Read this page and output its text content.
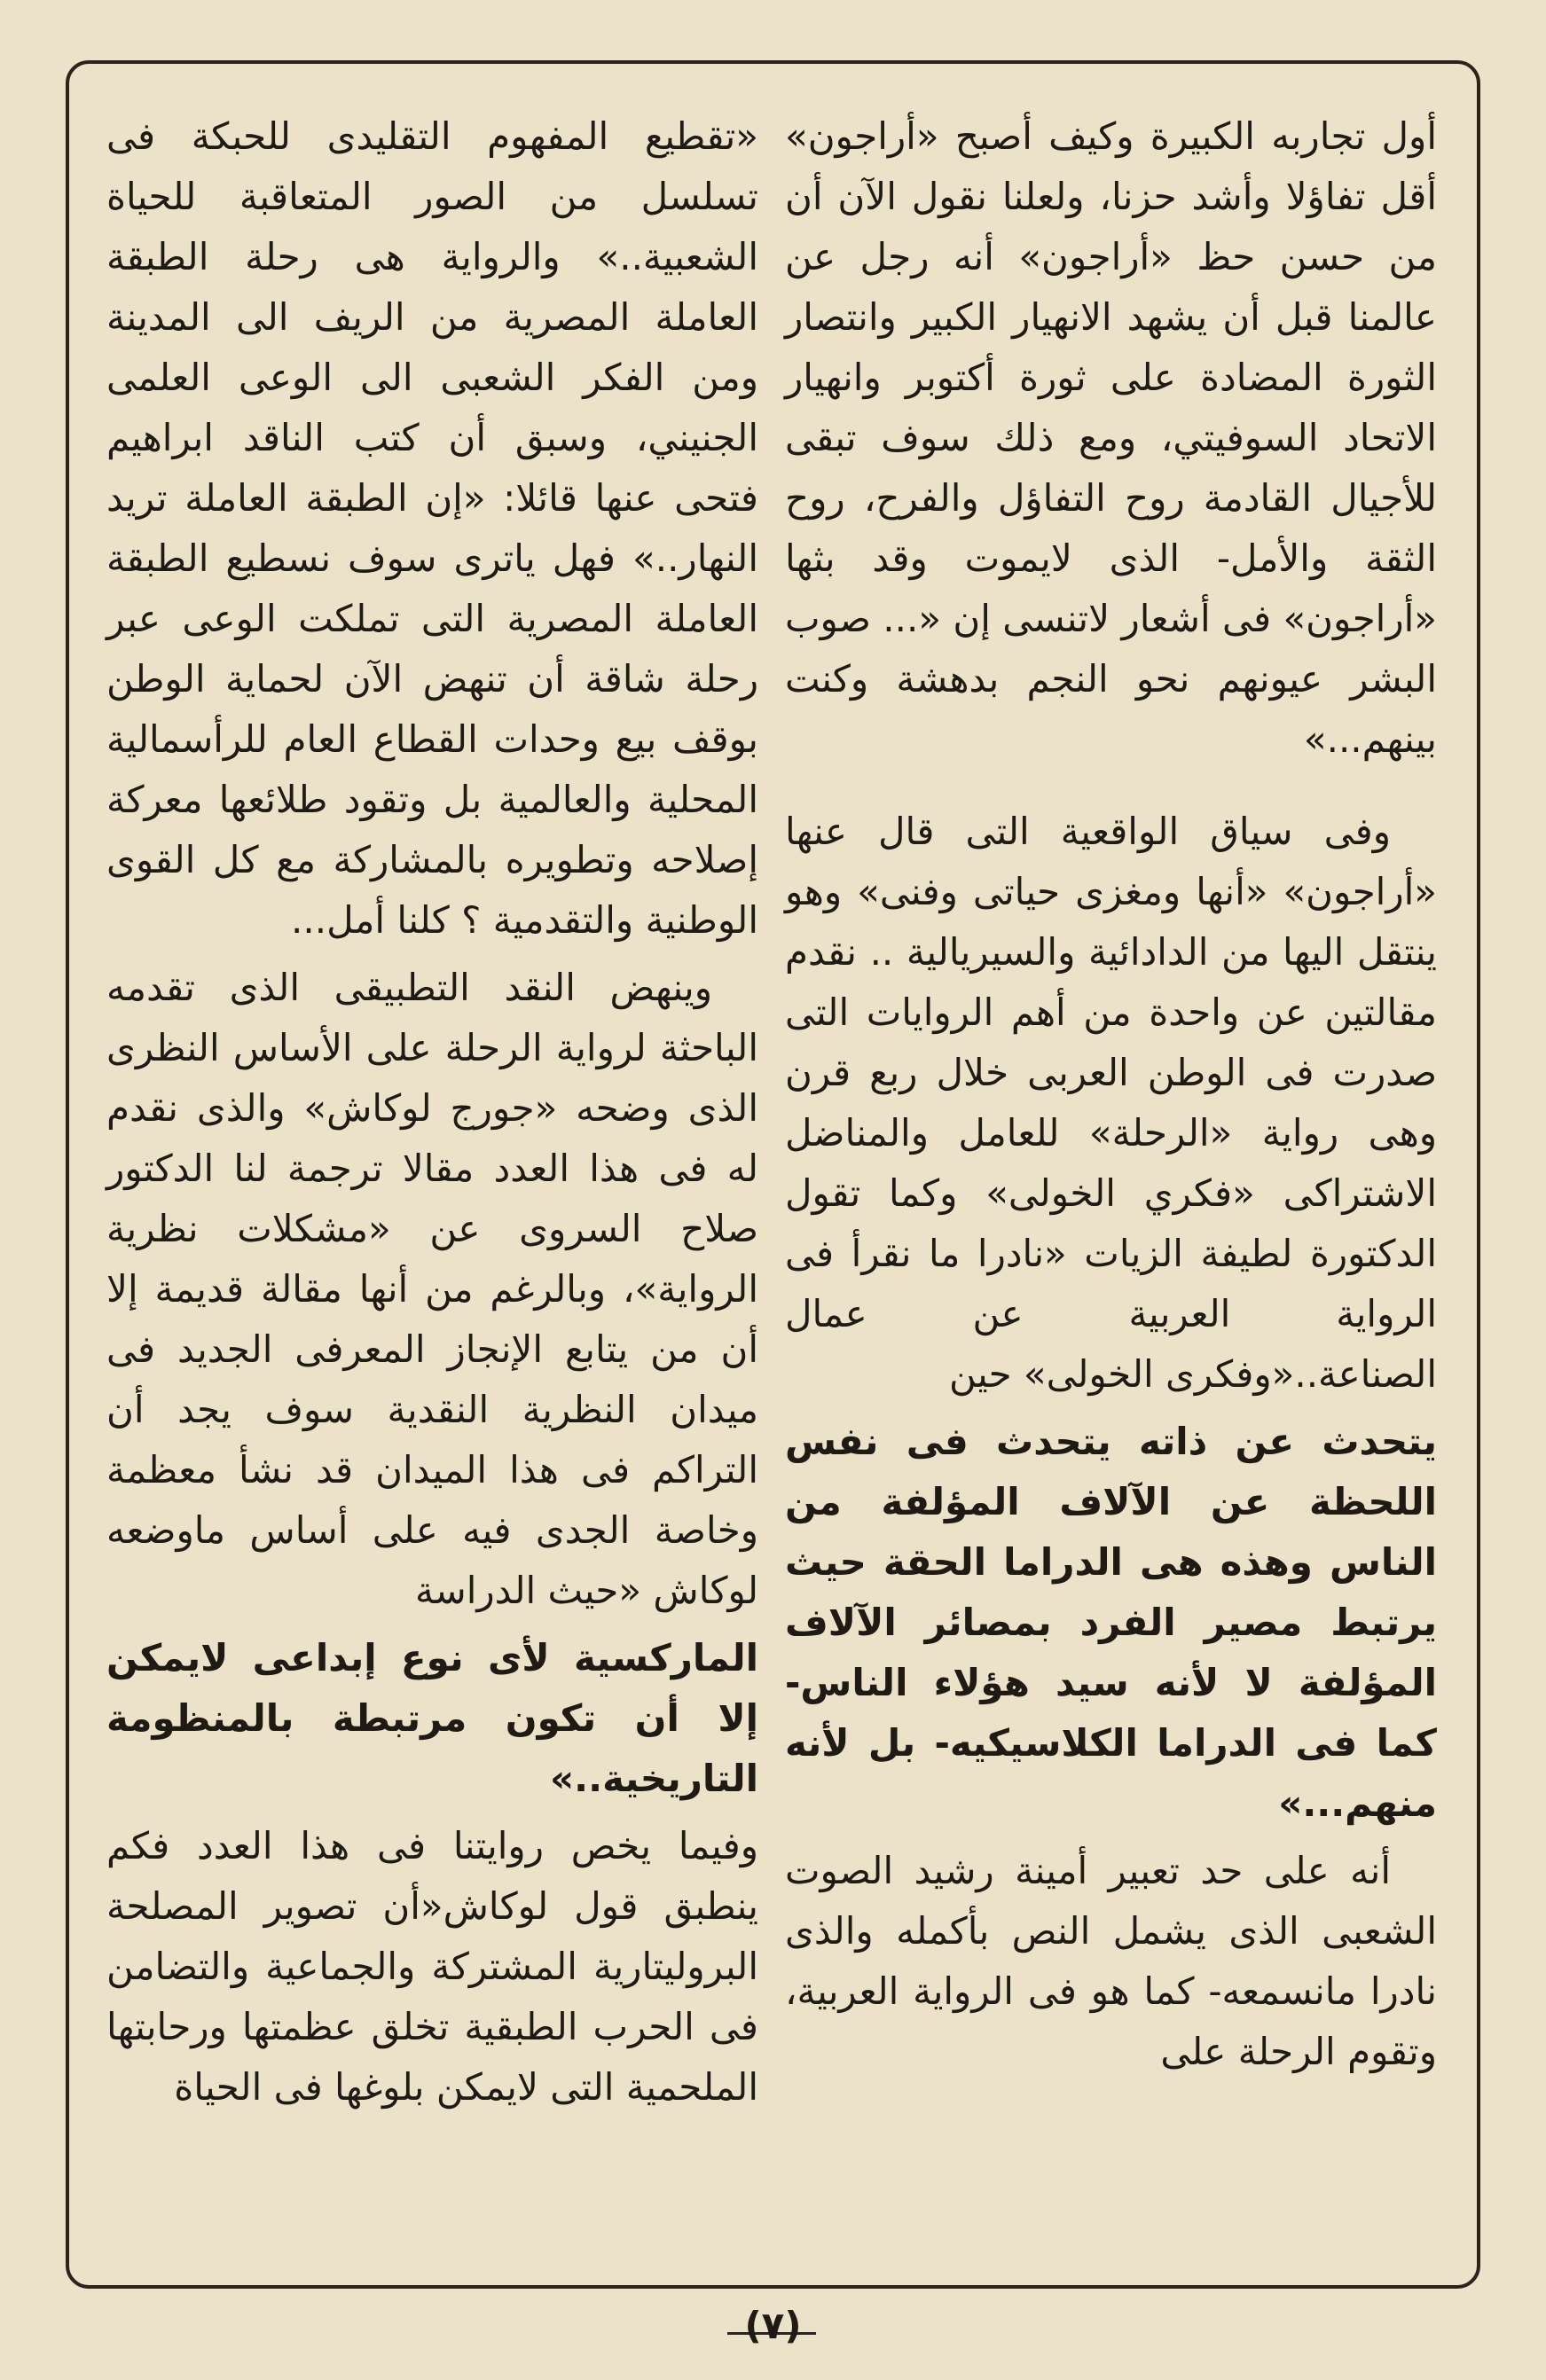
أول تجاربه الكبيرة وكيف أصبح «أراجون» أقل تفاؤلا وأشد حزنا، ولعلنا نقول الآن أن من حسن حظ «أراجون» أنه رجل عن عالمنا قبل أن يشهد الانهيار الكبير وانتصار الثورة المضادة على ثورة أكتوبر وانهيار الاتحاد السوفيتي، ومع ذلك سوف تبقى للأجيال القادمة روح التفاؤل والفرح، روح الثقة والأمل- الذى لايموت وقد بثها «أراجون» فى أشعار لاتنسى إن «... صوب البشر عيونهم نحو النجم بدهشة وكنت بينهم...»

وفى سياق الواقعية التى قال عنها «أراجون» «أنها ومغزى حياتى وفنى» وهو ينتقل اليها من الدادائية والسيريالية .. نقدم مقالتين عن واحدة من أهم الروايات التى صدرت فى الوطن العربى خلال ربع قرن وهى رواية «الرحلة» للعامل والمناضل الاشتراكى «فكري الخولى» وكما تقول الدكتورة لطيفة الزيات «نادرا ما نقرأ فى الرواية العربية عن عمال الصناعة..«وفكرى الخولى» حين

يتحدث عن ذاته يتحدث فى نفس اللحظة عن الآلاف المؤلفة من الناس وهذه هى الدراما الحقة حيث يرتبط مصير الفرد بمصائر الآلاف المؤلفة لا لأنه سيد هؤلاء الناس- كما فى الدراما الكلاسيكيه- بل لأنه منهم...»

أنه على حد تعبير أمينة رشيد الصوت الشعبى الذى يشمل النص بأكمله والذى نادرا مانسمعه- كما هو فى الرواية العربية، وتقوم الرحلة على

«تقطيع المفهوم التقليدى للحبكة فى تسلسل من الصور المتعاقبة للحياة الشعبية..» والرواية هى رحلة الطبقة العاملة المصرية من الريف الى المدينة ومن الفكر الشعبى الى الوعى العلمى الجنيني، وسبق أن كتب الناقد ابراهيم فتحى عنها قائلا: «إن الطبقة العاملة تريد النهار..» فهل ياترى سوف نسطيع الطبقة العاملة المصرية التى تملكت الوعى عبر رحلة شاقة أن تنهض الآن لحماية الوطن بوقف بيع وحدات القطاع العام للرأسمالية المحلية والعالمية بل وتقود طلائعها معركة إصلاحه وتطويره بالمشاركة مع كل القوى الوطنية والتقدمية ؟ كلنا أمل...

وينهض النقد التطبيقى الذى تقدمه الباحثة لرواية الرحلة على الأساس النظرى الذى وضحه «جورج لوكاش» والذى نقدم له فى هذا العدد مقالا ترجمة لنا الدكتور صلاح السروى عن «مشكلات نظرية الرواية»، وبالرغم من أنها مقالة قديمة إلا أن من يتابع الإنجاز المعرفى الجديد فى ميدان النظرية النقدية سوف يجد أن التراكم فى هذا الميدان قد نشأ معظمة وخاصة الجدى فيه على أساس ماوضعه لوكاش «حيث الدراسة

الماركسية لأى نوع إبداعى لايمكن إلا أن تكون مرتبطة بالمنظومة التاريخية..»

وفيما يخص روايتنا فى هذا العدد فكم ينطبق قول لوكاش«أن تصوير المصلحة البروليتارية المشتركة والجماعية والتضامن فى الحرب الطبقية تخلق عظمتها ورحابتها الملحمية التى لايمكن بلوغها فى الحياة

(٧)
